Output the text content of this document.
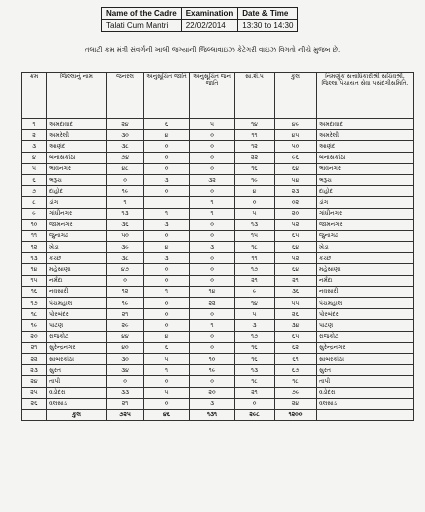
Name of the Cadre	Examination	Date & Time
Talati Cum Mantri	22/02/2014	13:30 to 14:30
તલાટી કમ મંત્રી સંવર્ગની ખાલી જગ્યાની જિલ્લાવાઇઝ કેટેગરી વાઇઝ વિગતો નીચે મુજબ છે.
ક્રમ	જિલ્લાનું નામ	જનરલ	અનુસૂચિત જાતિ	અનુસૂચિત જન જાતિ	સા.શૈ.પ	કુલ	નિમણૂંક સત્તાધિકારીશ્રી સચિવશ્રી, જિલ્લા પંચાયત સેવા પસંદગીસમિતિ.
૧	અમદાવાદ	૨૪	૬	૫	૧૪	૪૯	અમદાવાદ
૨	અમરેલી	૩૦	૪	૦	૧૧	૪૫	અમરેલી
૩	આણંદ	૩૮	૦	૦	૧૨	૫૦	આણંદ
૪	બનાસકાંઠા	૭૪	૦	૦	૨૨	૯૬	બનાસકાંઠા
૫	ભાવનગર	૪૮	૦	૦	૧૬	૬૪	ભાવનગર
૬	ભરૂચ	૦	૩	૩૨	૧૯	૫૪	ભરૂચ
૭	દાહોદ	૧૯	૦	૦	૪	૨૩	દાહોદ
૮	ડાંગ	૧		૧	૦	૦૨	ડાંગ
૯	ગાંધીનગર	૧૩	૧	૧	૫	૨૦	ગાંધીનગર
૧૦	જામનગર	૩૬	૩	૦	૧૩	૫૨	જામનગર
૧૧	જુનાગઢ	૫૦	૦	૦	૧૫	૬૫	જુનાગઢ
૧૨	ખેડા	૩૯	૪	૩	૧૮	૬૪	ખેડા
૧૩	કચ્છ	૩૮	૩	૦	૧૧	૫૨	કચ્છ
૧૪	મહેસાણા	૪૭	૦	૦	૧૭	૬૪	મહેસાણા
૧૫	નર્મદા	૦	૦	૦	૨૧	૨૧	નર્મદા
૧૬	નવસારી	૧૨	૧	૧૪	૯	૩૬	નવસારી
૧૭	પંચમહાલ	૧૯	૦	૨૨	૧૪	૫૫	પંચમહાલ
૧૮	પોરબંદર	૨૧	૦	૦	૫	૨૬	પોરબંદર
૧૯	પાટણ	૨૯	૦	૧	૩	૩૪	પાટણ
૨૦	રાજકોટ	૪૪	૪	૦	૧૭	૬૫	રાજકોટ
૨૧	સુરેન્દ્રનગર	૪૦	૬	૦	૧૬	૬૨	સુરેન્દ્રનગર
૨૨	સાબરકાંઠા	૩૦	૫	૧૦	૧૬	૬૧	સાબરકાંઠા
૨૩	સુરત	૩૪	૧	૧૯	૧૩	૬૭	સુરત
૨૪	તાપી	૦	૦	૦	૧૮	૧૮	તાપી
૨૫	વડોદરા	૩૩	૫	૨૦	૨૧	૭૯	વડોદરા
૨૬	વલસાડ	૨૧	૦	૩	૦	૨૪	વલસાડ
	કુલ	૭૨૫	૪૬	૧૩૧	૨૯૮	૧૨૦૦	
